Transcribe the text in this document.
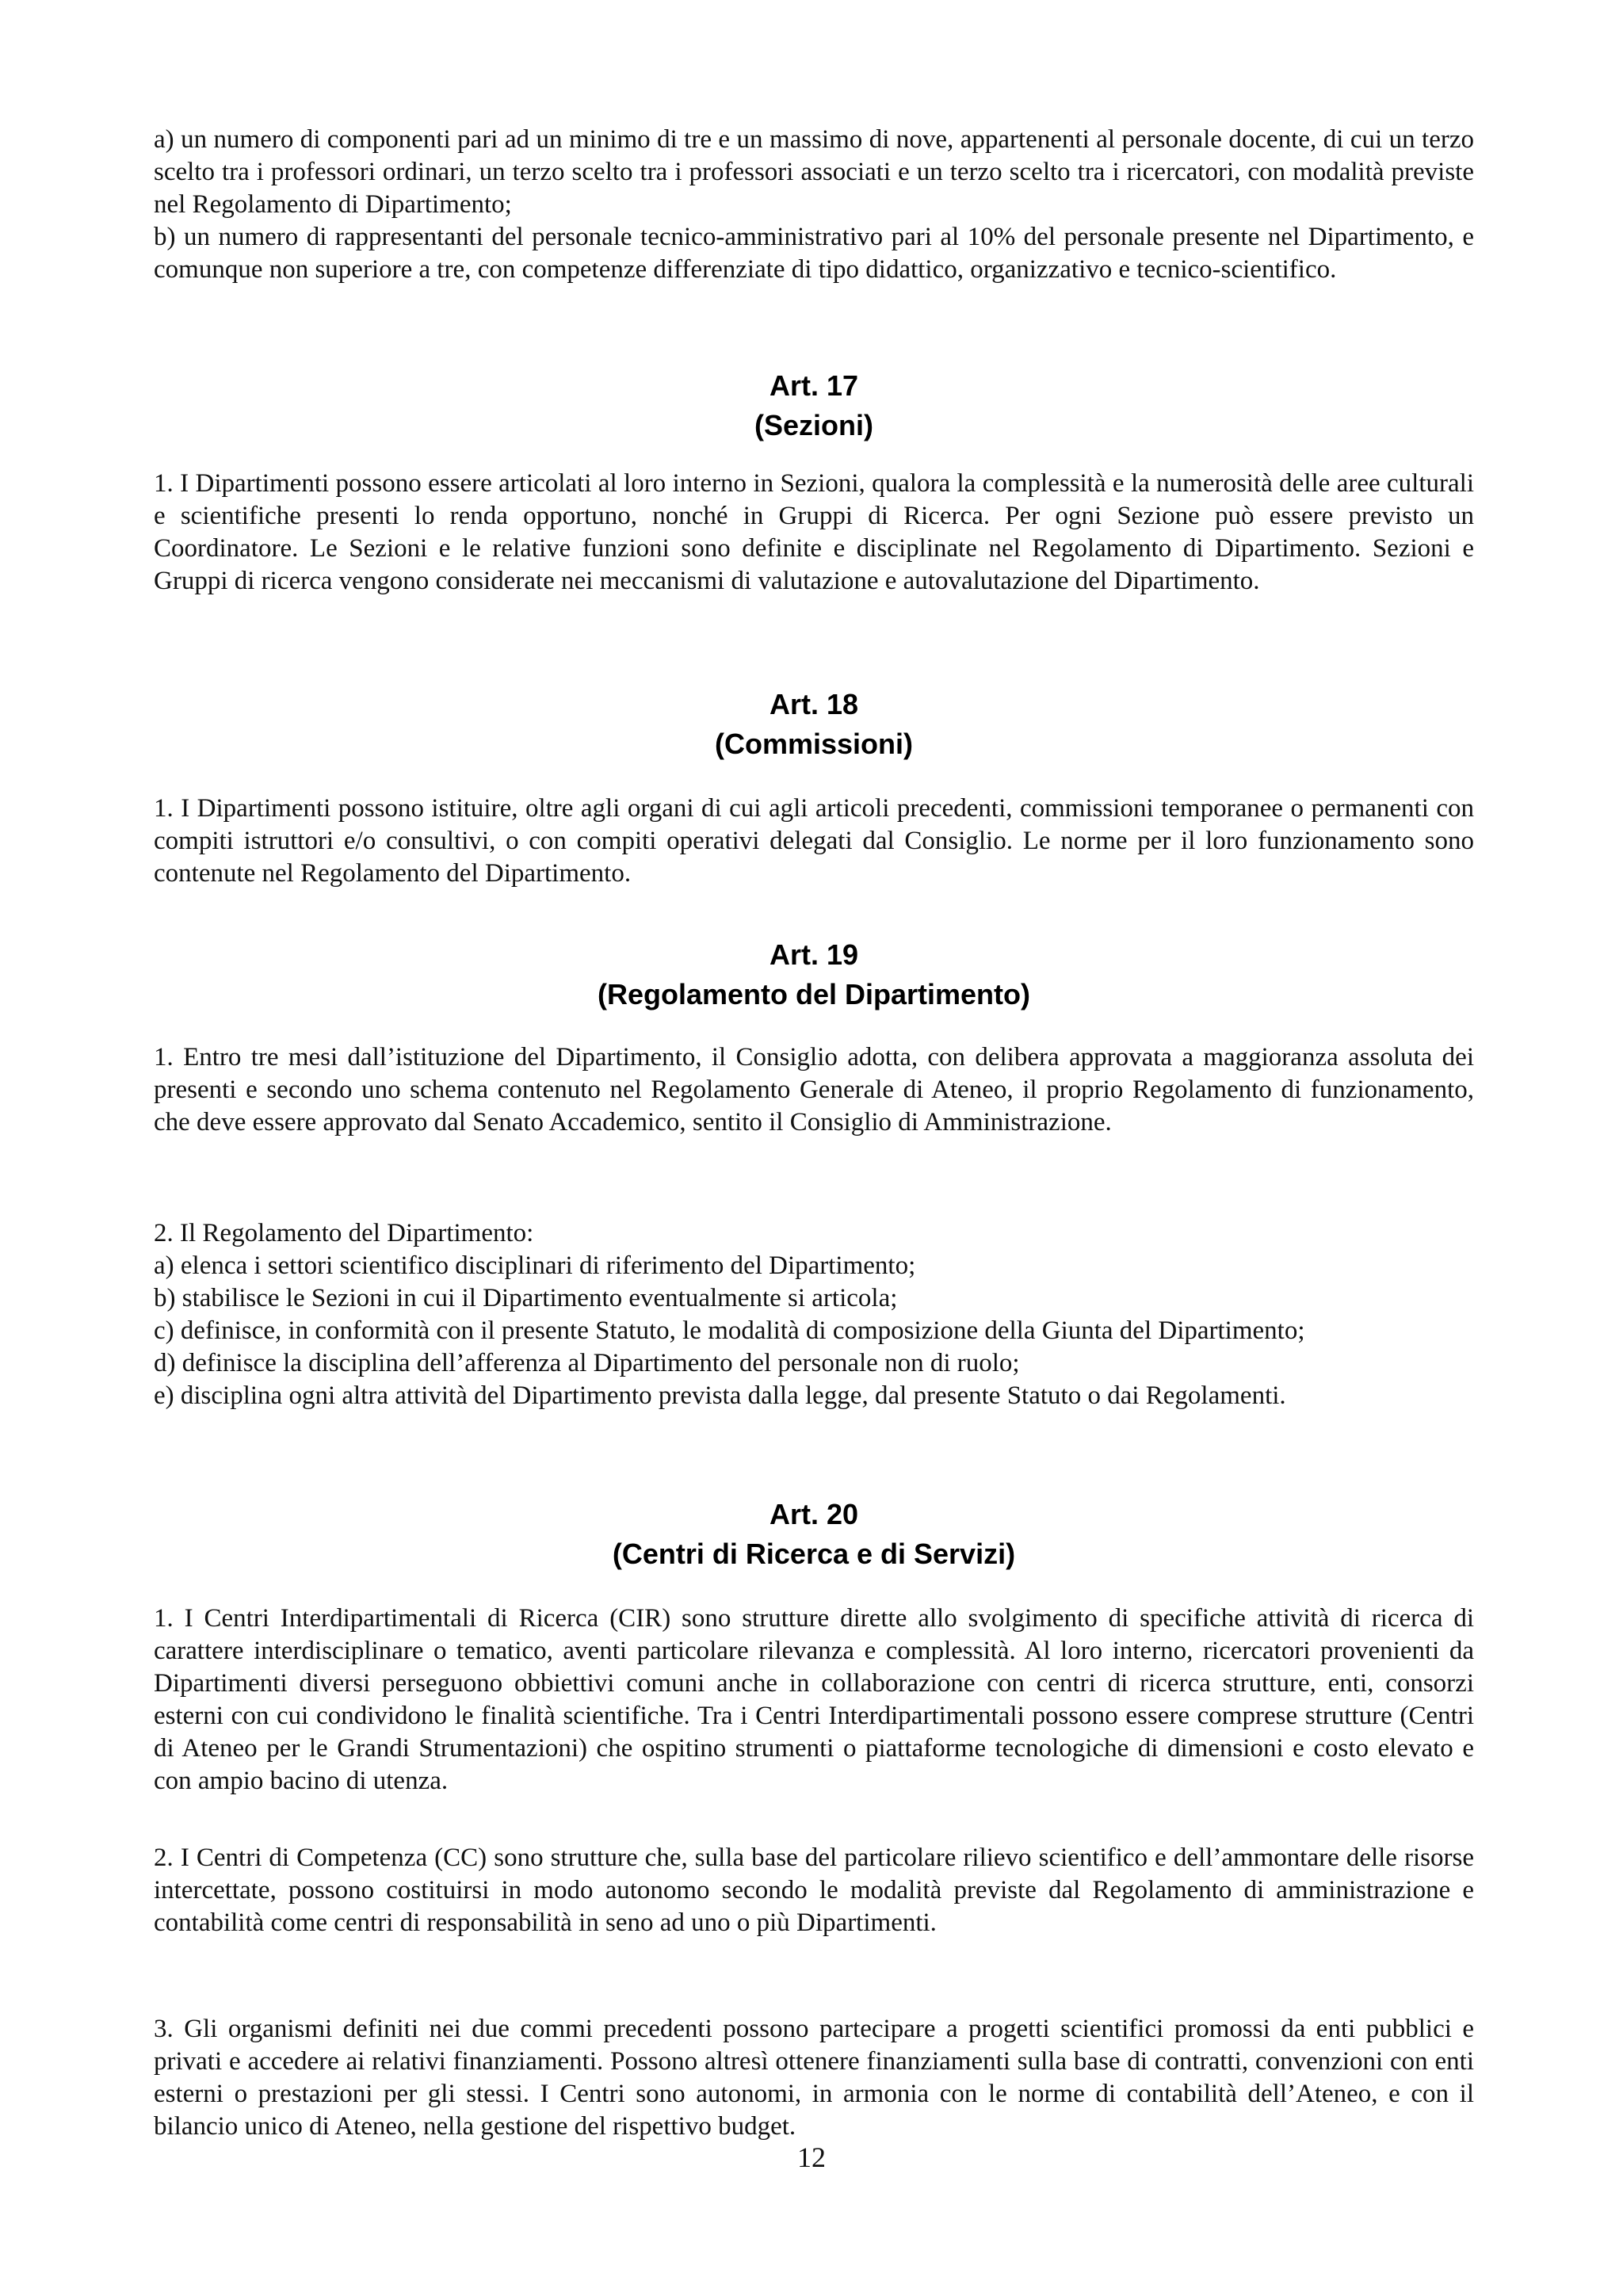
a) un numero di componenti pari ad un minimo di tre e un massimo di nove, appartenenti al personale docente, di cui un terzo scelto tra i professori ordinari, un terzo scelto tra i professori associati e un terzo scelto tra i ricercatori, con modalità previste nel Regolamento di Dipartimento;

b) un numero di rappresentanti del personale tecnico-amministrativo pari al 10% del personale presente nel Dipartimento, e comunque non superiore a tre, con competenze differenziate di tipo didattico, organizzativo e tecnico-scientifico.

Art. 17
(Sezioni)

1. I Dipartimenti possono essere articolati al loro interno in Sezioni, qualora la complessità e la numerosità delle aree culturali e scientifiche presenti lo renda opportuno, nonché in Gruppi di Ricerca. Per ogni Sezione può essere previsto un Coordinatore. Le Sezioni e le relative funzioni sono definite e disciplinate nel Regolamento di Dipartimento. Sezioni e Gruppi di ricerca vengono considerate nei meccanismi di valutazione e autovalutazione del Dipartimento.

Art. 18
(Commissioni)

1. I Dipartimenti possono istituire, oltre agli organi di cui agli articoli precedenti, commissioni temporanee o permanenti con compiti istruttori e/o consultivi, o con compiti operativi delegati dal Consiglio. Le norme per il loro funzionamento sono contenute nel Regolamento del Dipartimento.

Art. 19
(Regolamento del Dipartimento)

1. Entro tre mesi dall’istituzione del Dipartimento, il Consiglio adotta, con delibera approvata a maggioranza assoluta dei presenti e secondo uno schema contenuto nel Regolamento Generale di Ateneo, il proprio Regolamento di funzionamento, che deve essere approvato dal Senato Accademico, sentito il Consiglio di Amministrazione.

2. Il Regolamento del Dipartimento:

a) elenca i settori scientifico disciplinari di riferimento del Dipartimento;

b) stabilisce le Sezioni in cui il Dipartimento eventualmente si articola;

c) definisce, in conformità con il presente Statuto, le modalità di composizione della Giunta del Dipartimento;

d) definisce la disciplina dell’afferenza al Dipartimento del personale non di ruolo;

e) disciplina ogni altra attività del Dipartimento prevista dalla legge, dal presente Statuto o dai Regolamenti.

Art. 20
(Centri di Ricerca e di Servizi)

1. I Centri Interdipartimentali di Ricerca (CIR) sono strutture dirette allo svolgimento di specifiche attività di ricerca di carattere interdisciplinare o tematico, aventi particolare rilevanza e complessità. Al loro interno, ricercatori provenienti da Dipartimenti diversi perseguono obbiettivi comuni anche in collaborazione con centri di ricerca strutture, enti, consorzi esterni con cui condividono le finalità scientifiche. Tra i Centri Interdipartimentali possono essere comprese strutture (Centri di Ateneo per le Grandi Strumentazioni) che ospitino strumenti o piattaforme tecnologiche di dimensioni e costo elevato e con ampio bacino di utenza.

2. I Centri di Competenza (CC) sono strutture che, sulla base del particolare rilievo scientifico e dell’ammontare delle risorse intercettate, possono costituirsi in modo autonomo secondo le modalità previste dal Regolamento di amministrazione e contabilità come centri di responsabilità in seno ad uno o più Dipartimenti.

3. Gli organismi definiti nei due commi precedenti possono partecipare a progetti scientifici promossi da enti pubblici e privati e accedere ai relativi finanziamenti. Possono altresì ottenere finanziamenti sulla base di contratti, convenzioni con enti esterni o prestazioni per gli stessi. I Centri sono autonomi, in armonia con le norme di contabilità dell’Ateneo, e con il bilancio unico di Ateneo, nella gestione del rispettivo budget.

12
